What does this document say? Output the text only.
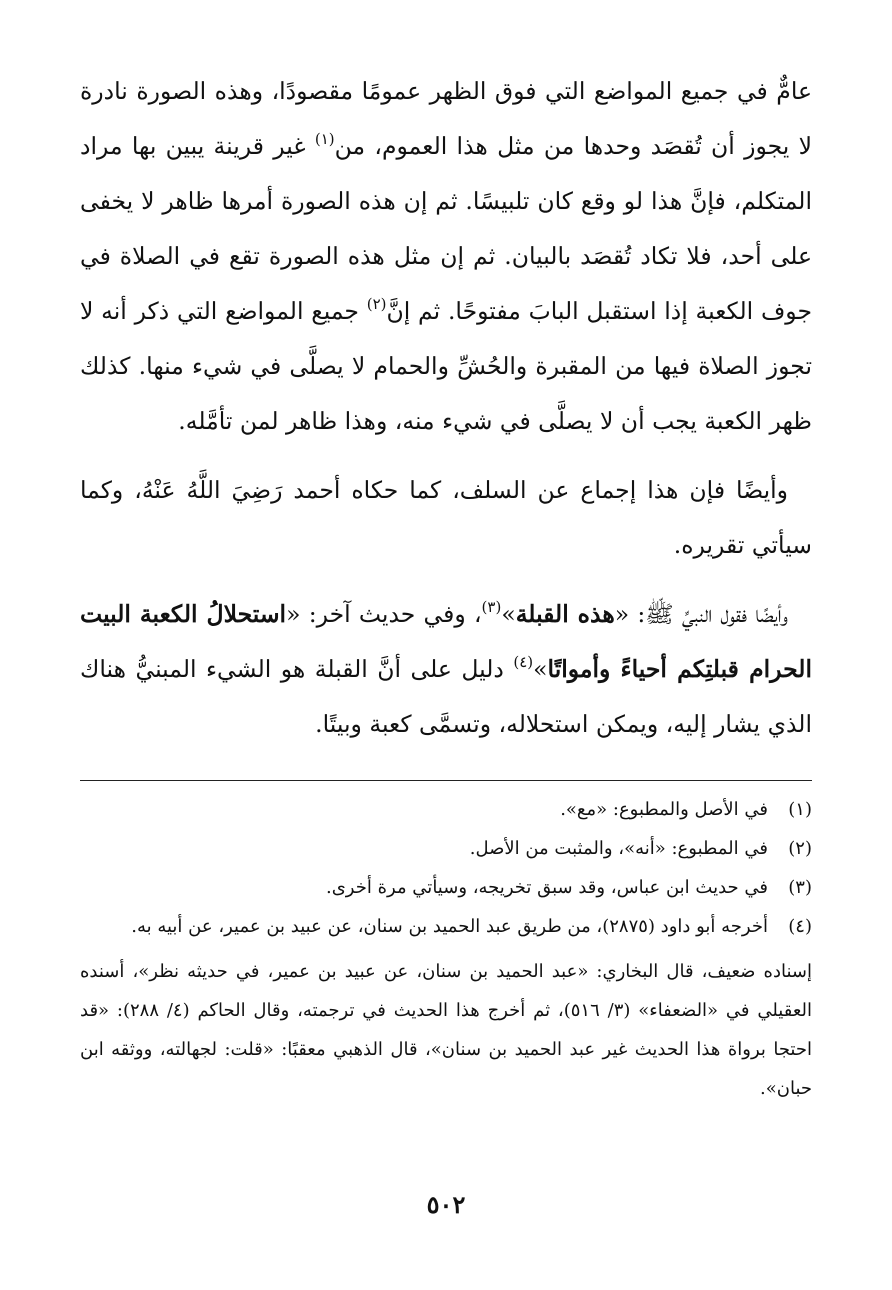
عامٌّ في جميع المواضع التي فوق الظهر عمومًا مقصودًا، وهذه الصورة نادرة لا يجوز أن تُقصَد وحدها من مثل هذا العموم، من$^{(١)}$ غير قرينة يبين بها مراد المتكلم، فإنَّ هذا لو وقع كان تلبيسًا. ثم إن هذه الصورة أمرها ظاهر لا يخفى على أحد، فلا تكاد تُقصَد بالبيان. ثم إن مثل هذه الصورة تقع في الصلاة في جوف الكعبة إذا استقبل البابَ مفتوحًا. ثم إنَّ$^{(٢)}$ جميع المواضع التي ذكر أنه لا تجوز الصلاة فيها من المقبرة والحُشِّ والحمام لا يصلَّى في شيء منها. كذلك ظهر الكعبة يجب أن لا يصلَّى في شيء منه، وهذا ظاهر لمن تأمَّله.

وأيضًا فإن هذا إجماع عن السلف، كما حكاه أحمد رَضِيَ اللَّهُ عَنْهُ، وكما سيأتي تقريره.

وأيضًا فقول النبيِّ ﷺ: «هذه القبلة»$^{(٣)}$، وفي حديث آخر: «استحلالُ الكعبة البيت الحرام قبلتِكم أحياءً وأمواتًا»$^{(٤)}$ دليل على أنَّ القبلة هو الشيء المبنيُّ هناك الذي يشار إليه، ويمكن استحلاله، وتسمَّى كعبة وبيتًا.

(١)
في الأصل والمطبوع: «مع».

(٢)
في المطبوع: «أنه»، والمثبت من الأصل.

(٣)
في حديث ابن عباس، وقد سبق تخريجه، وسيأتي مرة أخرى.

(٤)
أخرجه أبو داود (٢٨٧٥)، من طريق عبد الحميد بن سنان، عن عبيد بن عمير، عن أبيه به.

إسناده ضعيف، قال البخاري: «عبد الحميد بن سنان، عن عبيد بن عمير، في حديثه نظر»، أسنده العقيلي في «الضعفاء» (٣/ ٥١٦)، ثم أخرج هذا الحديث في ترجمته، وقال الحاكم (٤/ ٢٨٨): «قد احتجا برواة هذا الحديث غير عبد الحميد بن سنان»، قال الذهبي معقبًا: «قلت: لجهالته، ووثقه ابن حبان».

٥٠٢
